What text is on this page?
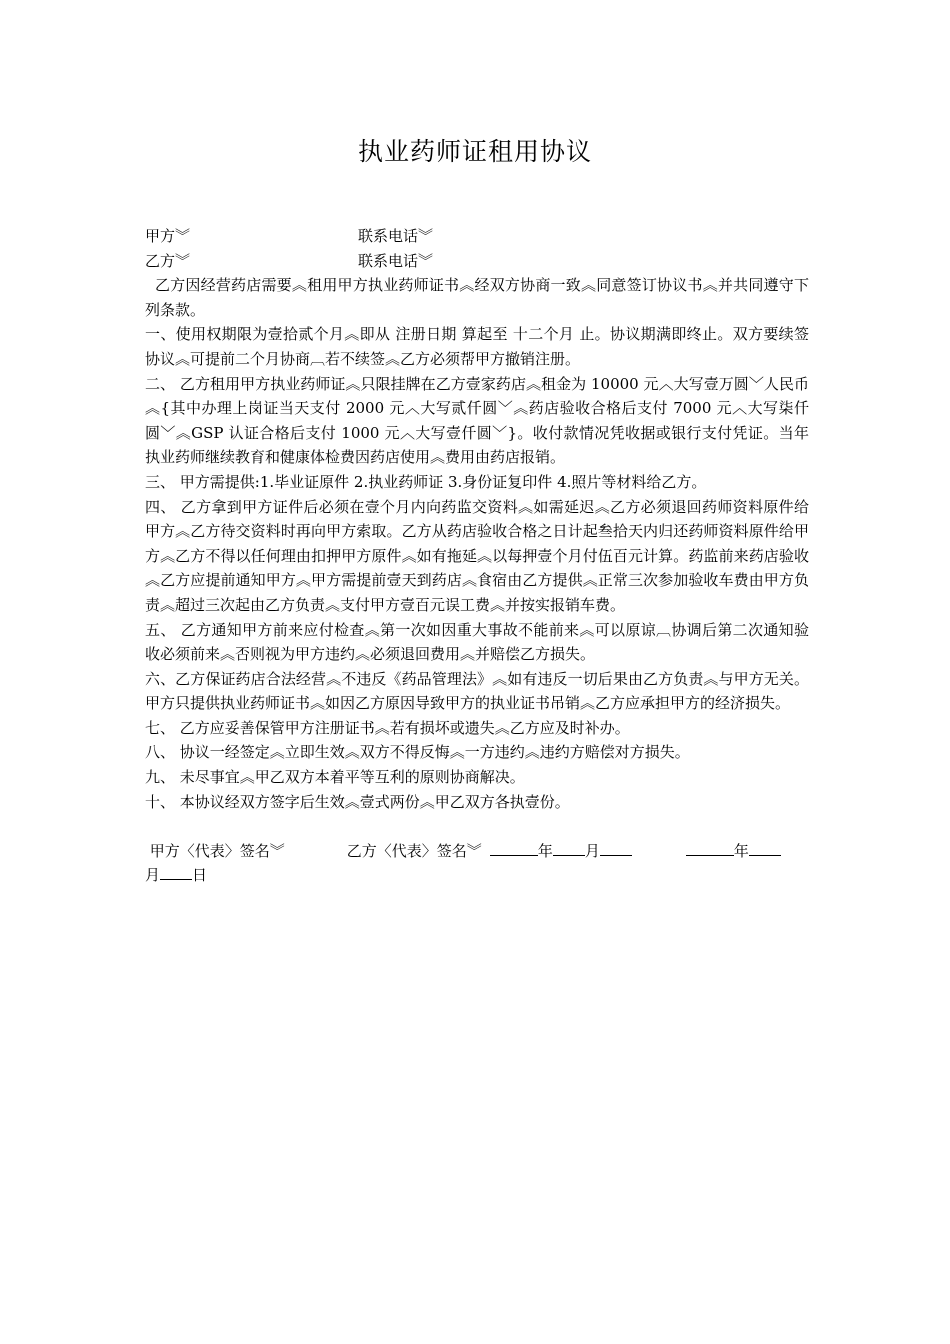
执业药师证租用协议
甲方︾	联系电话︾
乙方︾	联系电话︾

乙方因经营药店需要︽租用甲方执业药师证书︽经双方协商一致︽同意签订协议书︽并共同遵守下列条款。

一、使用权期限为壹拾贰个月︽即从 注册日期 算起至 十二个月 止。协议期满即终止。双方要续签协议︽可提前二个月协商︹若不续签︽乙方必须帮甲方撤销注册。

二、 乙方租用甲方执业药师证︽只限挂牌在乙方壹家药店︽租金为 10000 元︿大写壹万圆﹀人民币︽{其中办理上岗证当天支付 2000 元︿大写贰仟圆﹀︽药店验收合格后支付 7000 元︿大写柒仟圆﹀︽GSP 认证合格后支付 1000 元︿大写壹仟圆﹀}。收付款情况凭收据或银行支付凭证。当年执业药师继续教育和健康体检费因药店使用︽费用由药店报销。

三、 甲方需提供:1.毕业证原件 2.执业药师证 3.身份证复印件 4.照片等材料给乙方。

四、 乙方拿到甲方证件后必须在壹个月内向药监交资料︽如需延迟︽乙方必须退回药师资料原件给甲方︽乙方待交资料时再向甲方索取。乙方从药店验收合格之日计起叁拾天内归还药师资料原件给甲方︽乙方不得以任何理由扣押甲方原件︽如有拖延︽以每押壹个月付伍百元计算。药监前来药店验收︽乙方应提前通知甲方︽甲方需提前壹天到药店︽食宿由乙方提供︽正常三次参加验收车费由甲方负责︽超过三次起由乙方负责︽支付甲方壹百元误工费︽并按实报销车费。

五、 乙方通知甲方前来应付检查︽第一次如因重大事故不能前来︽可以原谅︹协调后第二次通知验收必须前来︽否则视为甲方违约︽必须退回费用︽并赔偿乙方损失。

六、乙方保证药店合法经营︽不违反《药品管理法》︽如有违反一切后果由乙方负责︽与甲方无关。甲方只提供执业药师证书︽如因乙方原因导致甲方的执业证书吊销︽乙方应承担甲方的经济损失。

七、 乙方应妥善保管甲方注册证书︽若有损坏或遗失︽乙方应及时补办。

八、 协议一经签定︽立即生效︽双方不得反悔︽一方违约︽违约方赔偿对方损失。

九、 未尽事宜︽甲乙双方本着平等互利的原则协商解决。

十、 本协议经双方签字后生效︽壹式两份︽甲乙双方各执壹份。

甲方〈代表〉签名︾	乙方〈代表〉签名︾	年 月	年
月 日
